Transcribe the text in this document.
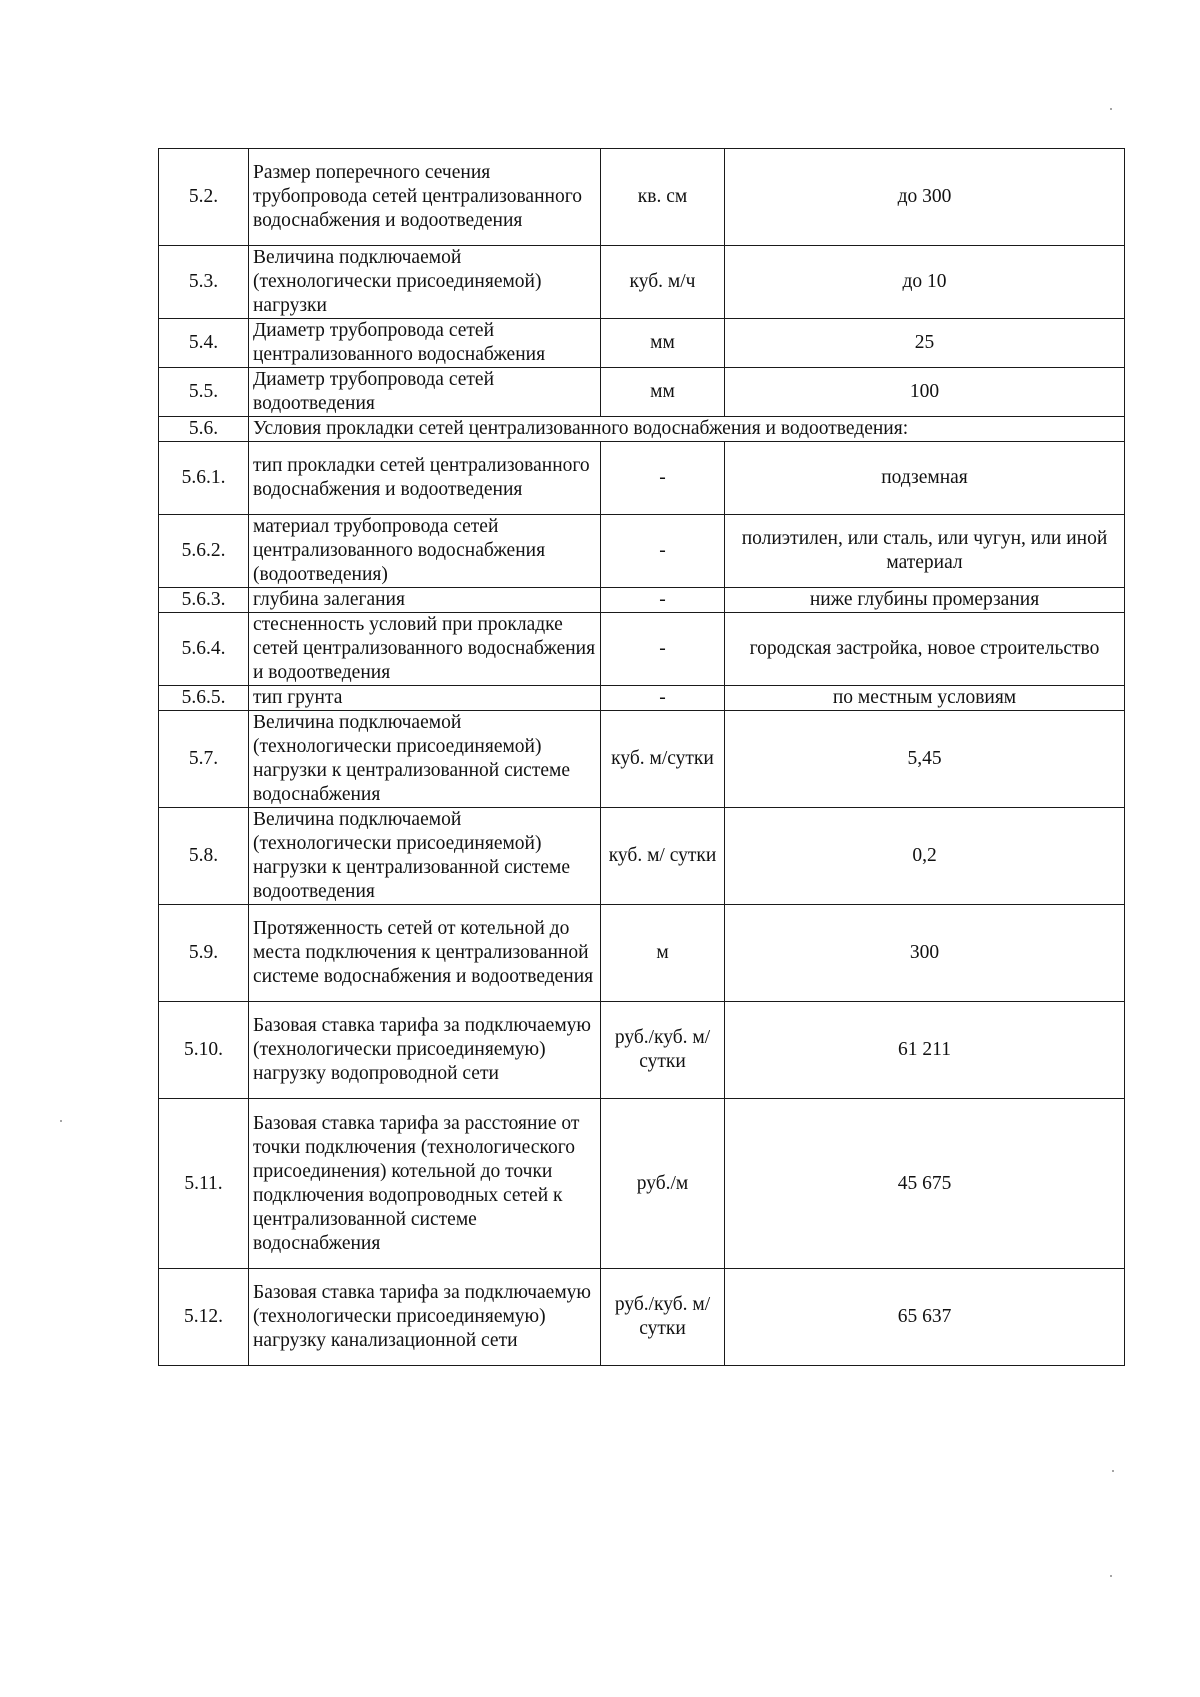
5.2.	Размер поперечного сечения трубопровода сетей централизованного водоснабжения и водоотведения	кв. см	до 300
5.3.	Величина подключаемой (технологически присоединяемой) нагрузки	куб. м/ч	до 10
5.4.	Диаметр трубопровода сетей централизованного водоснабжения	мм	25
5.5.	Диаметр трубопровода сетей водоотведения	мм	100
5.6.	Условия прокладки сетей централизованного водоснабжения и водоотведения:		
5.6.1.	тип прокладки сетей централизованного водоснабжения и водоотведения	-	подземная
5.6.2.	материал трубопровода сетей централизованного водоснабжения (водоотведения)	-	полиэтилен, или сталь, или чугун, или иной материал
5.6.3.	глубина залегания	-	ниже глубины промерзания
5.6.4.	стесненность условий при прокладке сетей централизованного водоснабжения и водоотведения	-	городская застройка, новое строительство
5.6.5.	тип грунта	-	по местным условиям
5.7.	Величина подключаемой (технологически присоединяемой) нагрузки к централизованной системе водоснабжения	куб. м/сутки	5,45
5.8.	Величина подключаемой (технологически присоединяемой) нагрузки к централизованной системе водоотведения	куб. м/ сутки	0,2
5.9.	Протяженность сетей от котельной до места подключения к централизованной системе водоснабжения и водоотведения	м	300
5.10.	Базовая ставка тарифа за подключаемую (технологически присоединяемую) нагрузку водопроводной сети	руб./куб. м/ сутки	61 211
5.11.	Базовая ставка тарифа за расстояние от точки подключения (технологического присоединения) котельной до точки подключения водопроводных сетей к централизованной системе водоснабжения	руб./м	45 675
5.12.	Базовая ставка тарифа за подключаемую (технологически присоединяемую) нагрузку канализационной сети	руб./куб. м/ сутки	65 637
